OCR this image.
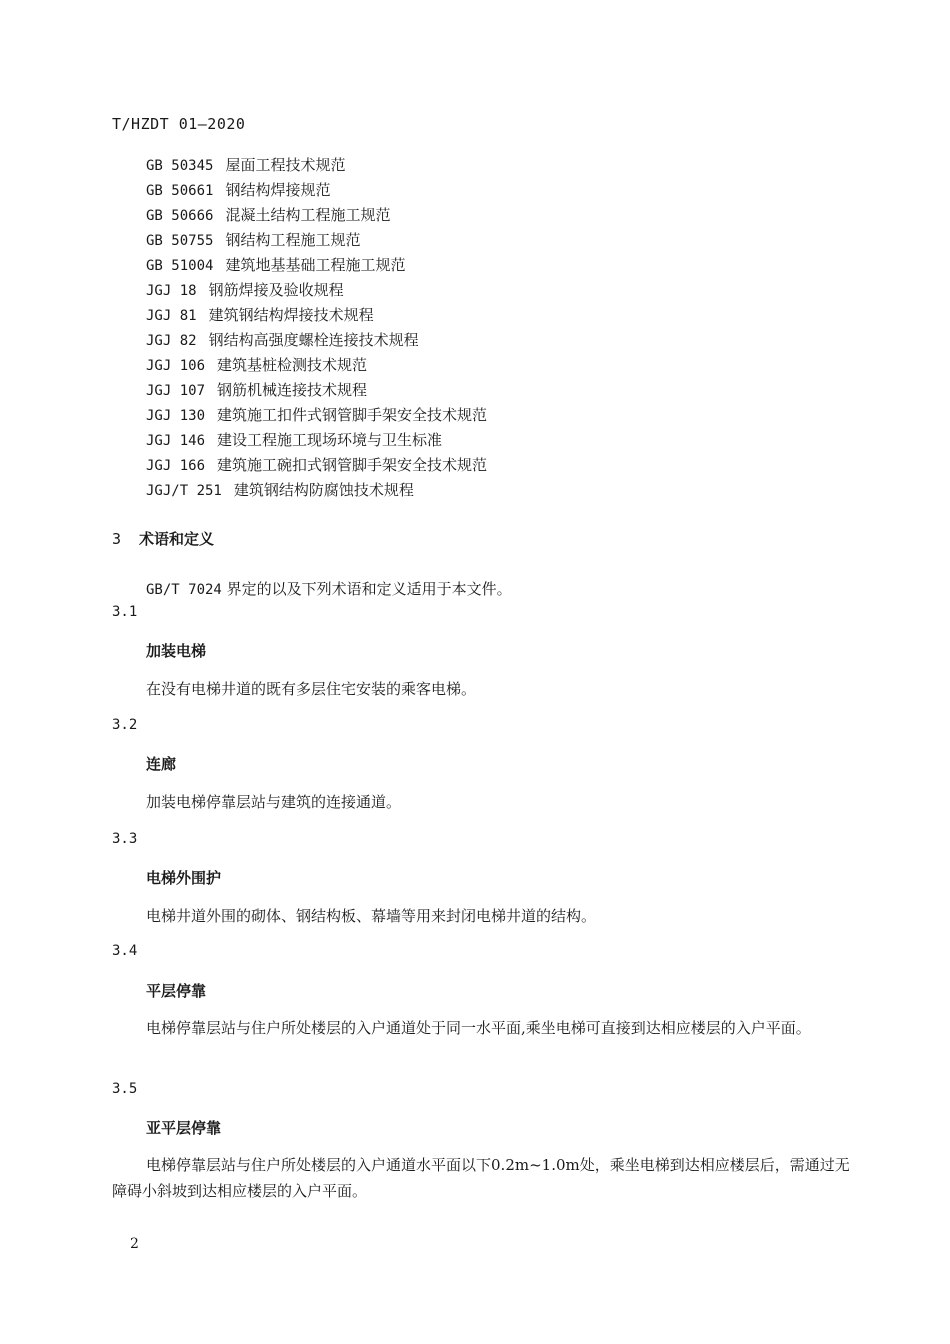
T/HZDT 01—2020
GB 50345 屋面工程技术规范
GB 50661 钢结构焊接规范
GB 50666 混凝土结构工程施工规范
GB 50755 钢结构工程施工规范
GB 51004 建筑地基基础工程施工规范
JGJ 18 钢筋焊接及验收规程
JGJ 81 建筑钢结构焊接技术规程
JGJ 82 钢结构高强度螺栓连接技术规程
JGJ 106 建筑基桩检测技术规范
JGJ 107 钢筋机械连接技术规程
JGJ 130 建筑施工扣件式钢管脚手架安全技术规范
JGJ 146 建设工程施工现场环境与卫生标准
JGJ 166 建筑施工碗扣式钢管脚手架安全技术规范
JGJ/T 251 建筑钢结构防腐蚀技术规程
3 术语和定义
GB/T 7024 界定的以及下列术语和定义适用于本文件。
3.1
加装电梯
在没有电梯井道的既有多层住宅安装的乘客电梯。
3.2
连廊
加装电梯停靠层站与建筑的连接通道。
3.3
电梯外围护
电梯井道外围的砌体、钢结构板、幕墙等用来封闭电梯井道的结构。
3.4
平层停靠
电梯停靠层站与住户所处楼层的入户通道处于同一水平面,乘坐电梯可直接到达相应楼层的入户平面。
3.5
亚平层停靠
电梯停靠层站与住户所处楼层的入户通道水平面以下0.2m~1.0m处，乘坐电梯到达相应楼层后，需通过无障碍小斜坡到达相应楼层的入户平面。
2
